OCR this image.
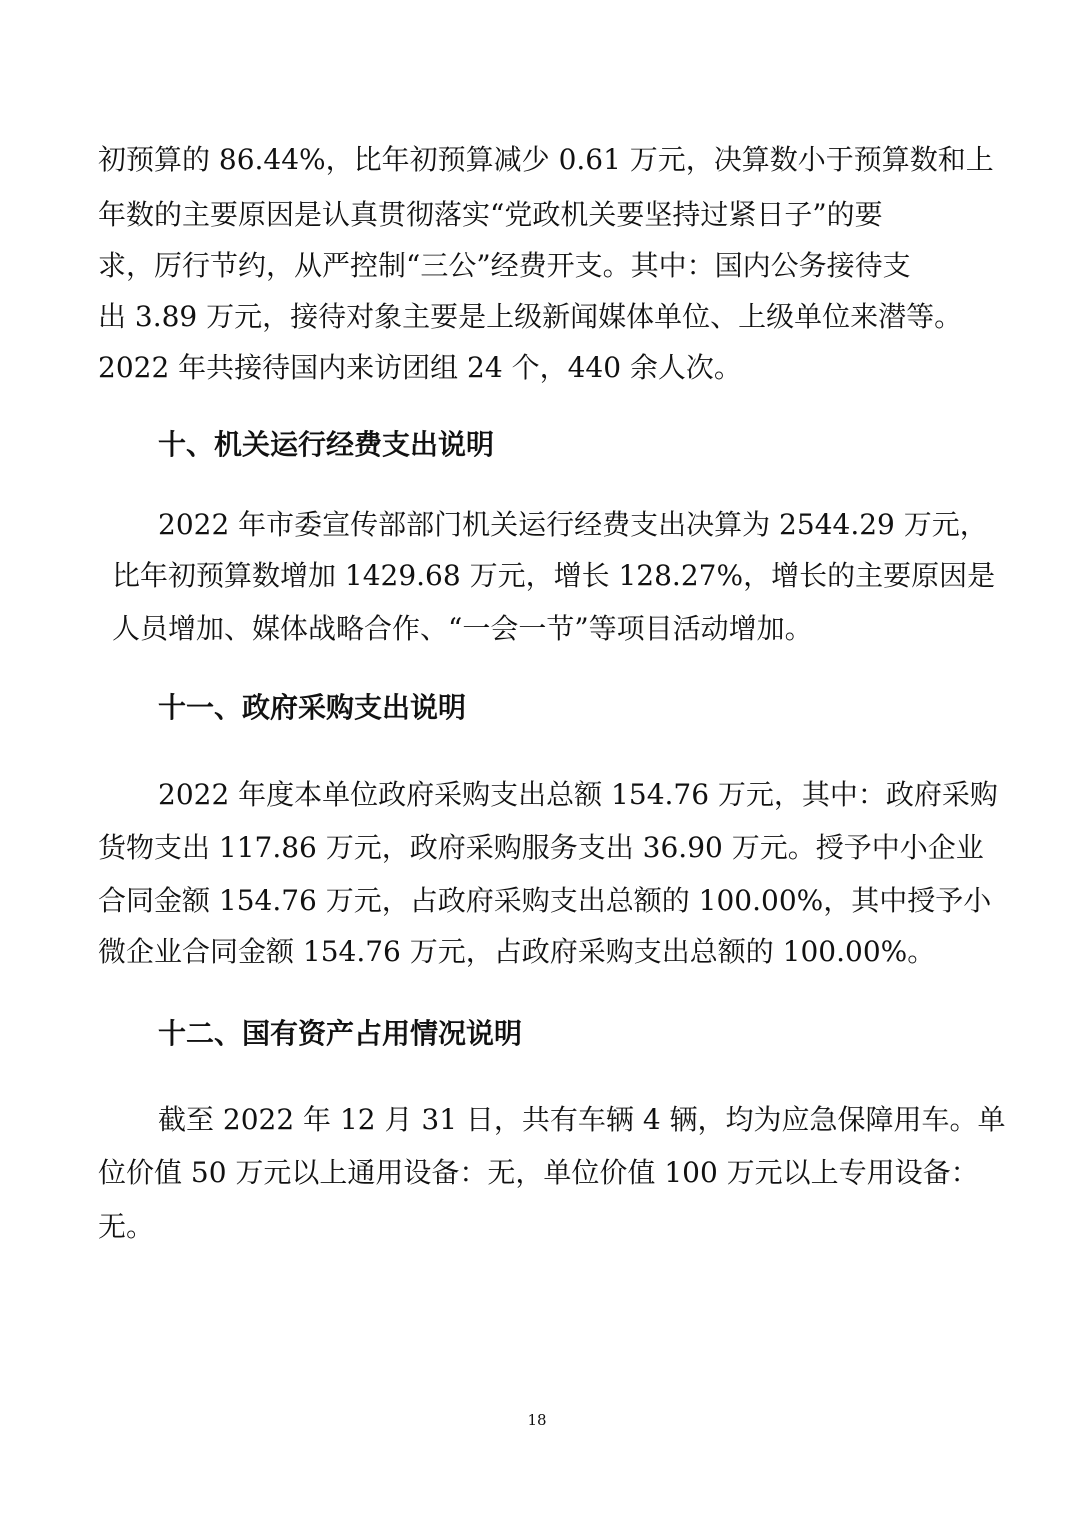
初预算的 86.44%，比年初预算减少 0.61 万元，决算数小于预算数和上

年数的主要原因是认真贯彻落实“党政机关要坚持过紧日子”的要

求，厉行节约，从严控制“三公”经费开支。其中：国内公务接待支

出 3.89 万元，接待对象主要是上级新闻媒体单位、上级单位来潜等。

2022 年共接待国内来访团组 24 个，440 余人次。

十、机关运行经费支出说明

2022 年市委宣传部部门机关运行经费支出决算为 2544.29 万元，

比年初预算数增加 1429.68 万元，增长 128.27%，增长的主要原因是

人员增加、媒体战略合作、“一会一节”等项目活动增加。

十一、政府采购支出说明

2022 年度本单位政府采购支出总额 154.76 万元，其中：政府采购

货物支出 117.86 万元，政府采购服务支出 36.90 万元。授予中小企业

合同金额 154.76 万元，占政府采购支出总额的 100.00%，其中授予小

微企业合同金额 154.76 万元，占政府采购支出总额的 100.00%。

十二、国有资产占用情况说明

截至 2022 年 12 月 31 日，共有车辆 4 辆，均为应急保障用车。单

位价值 50 万元以上通用设备：无，单位价值 100 万元以上专用设备：

无。

18
